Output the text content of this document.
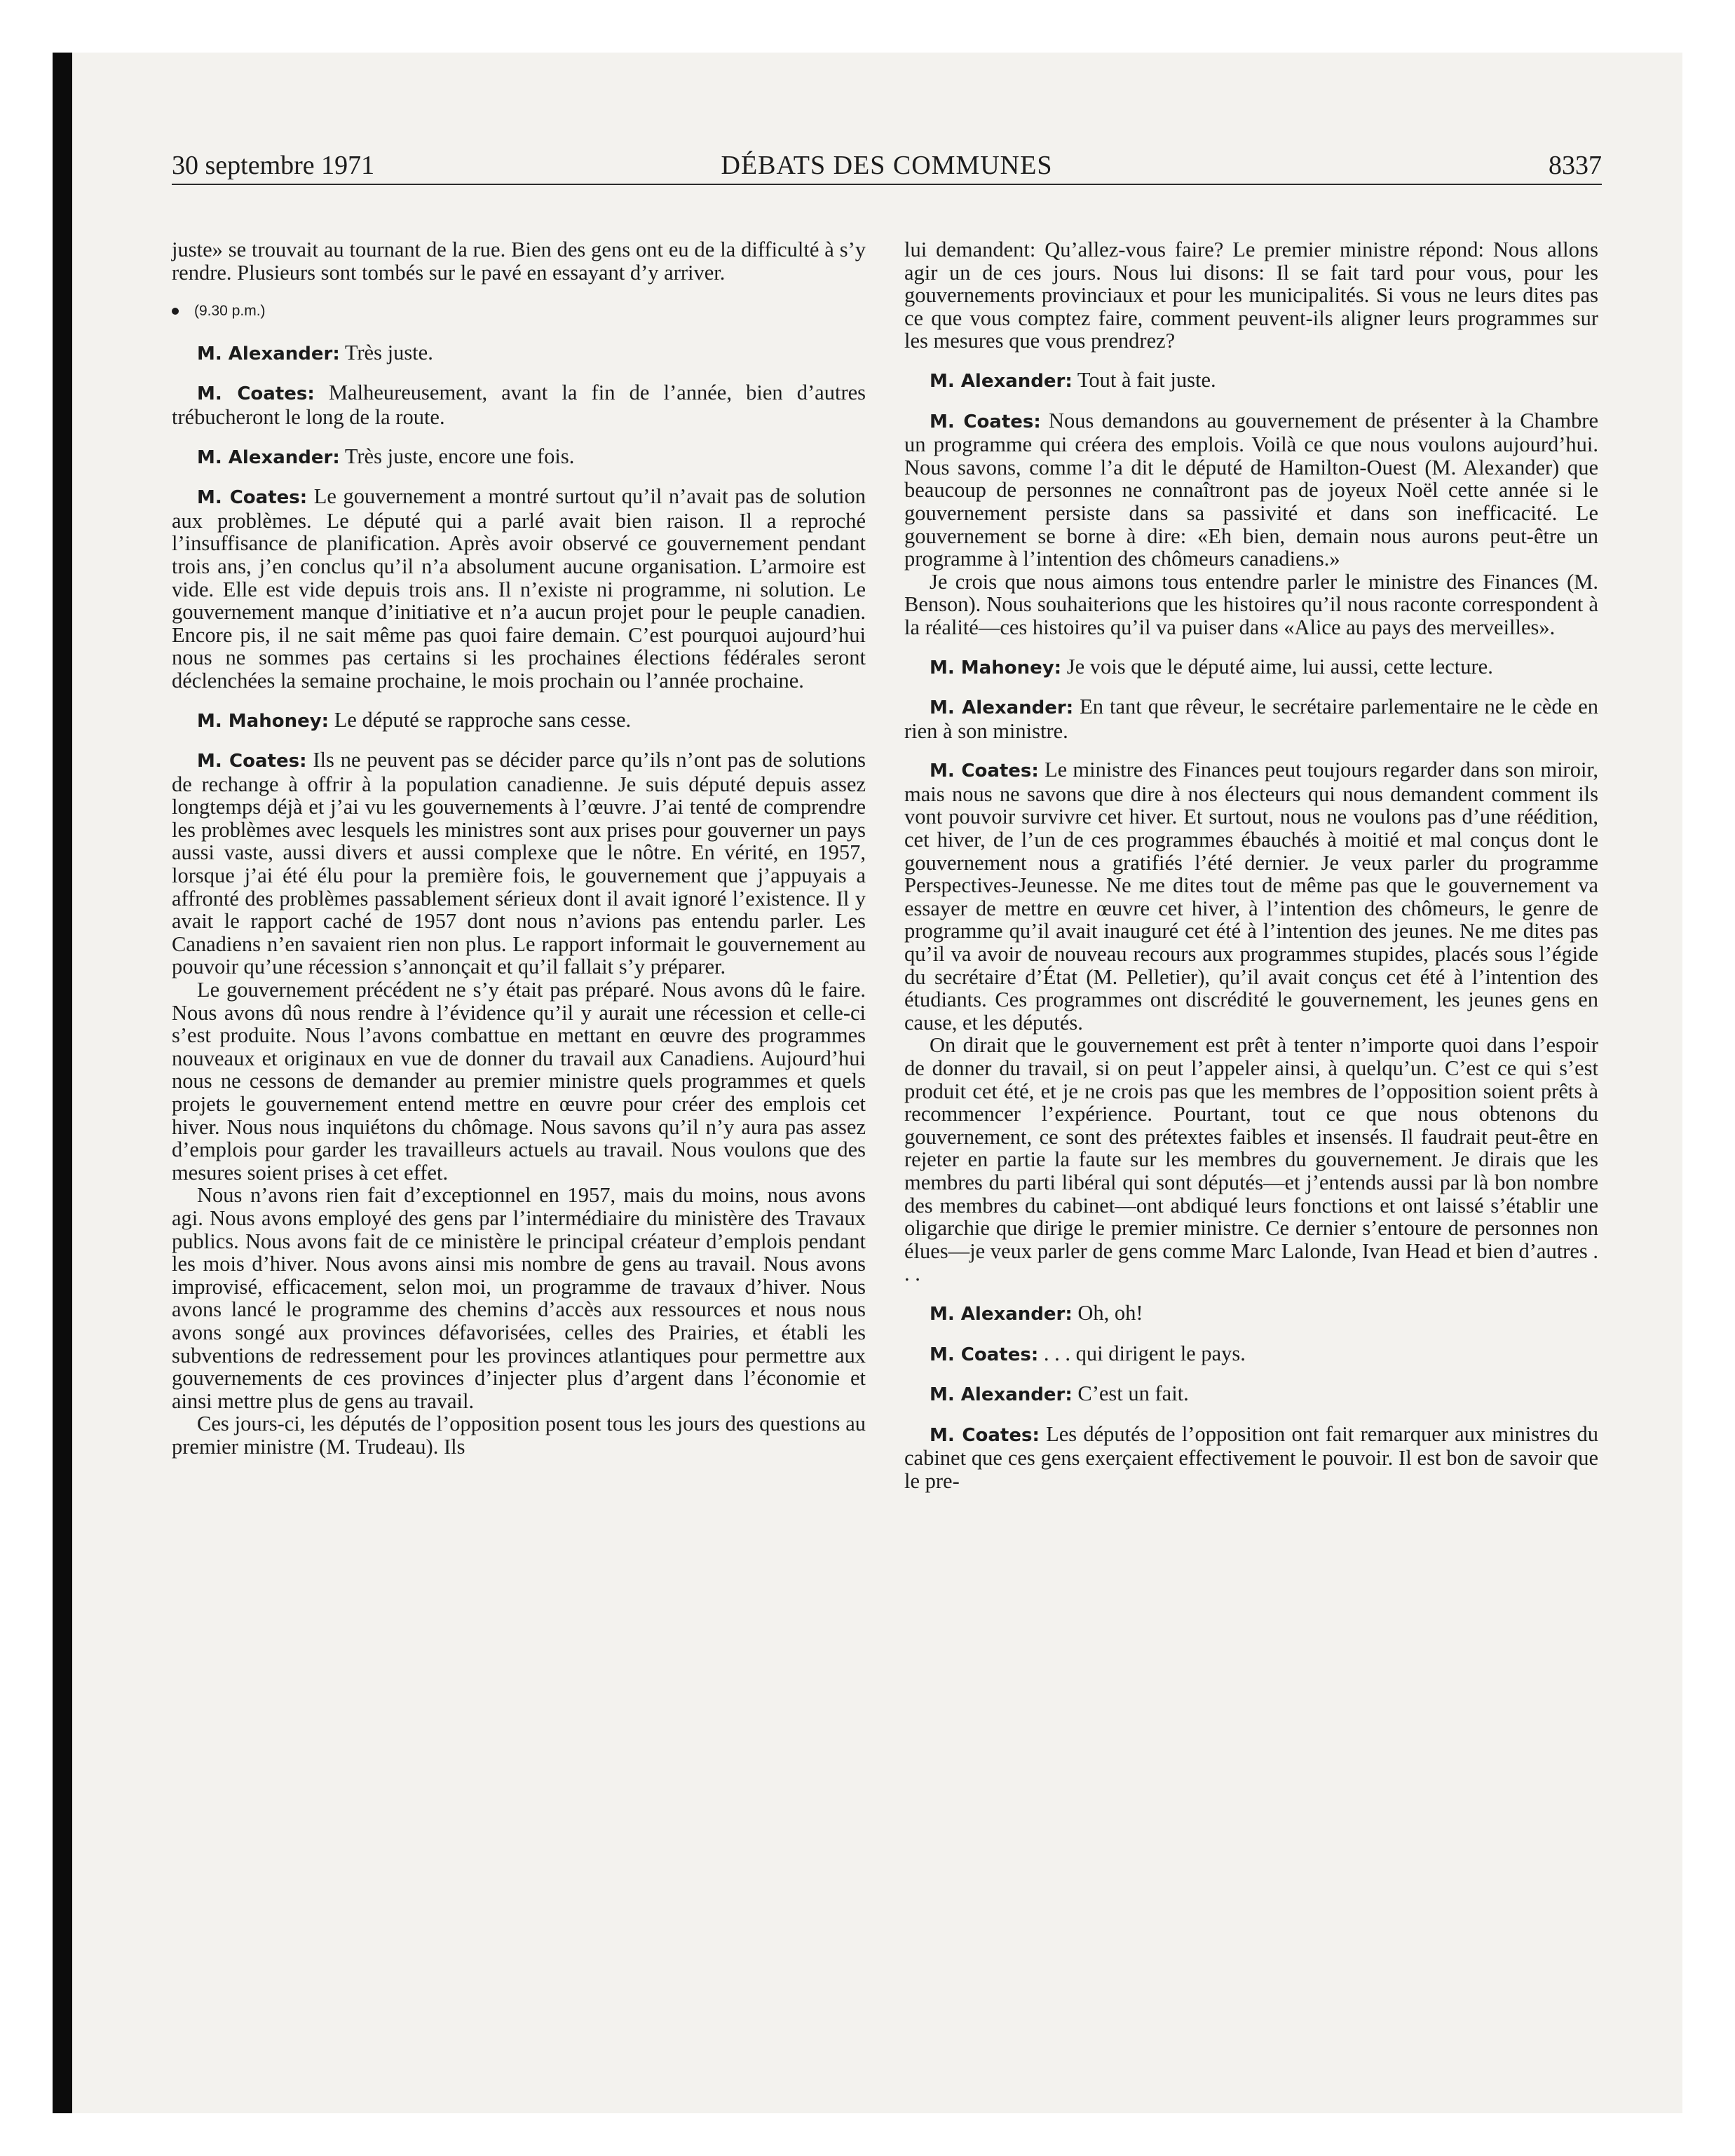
30 septembre 1971	DÉBATS DES COMMUNES	8337

juste» se trouvait au tournant de la rue. Bien des gens ont eu de la difficulté à s’y rendre. Plusieurs sont tombés sur le pavé en essayant d’y arriver.

(9.30 p.m.)

M. Alexander: Très juste.

M. Coates: Malheureusement, avant la fin de l’année, bien d’autres trébucheront le long de la route.

M. Alexander: Très juste, encore une fois.

M. Coates: Le gouvernement a montré surtout qu’il n’avait pas de solution aux problèmes. Le député qui a parlé avait bien raison. Il a reproché l’insuffisance de planification. Après avoir observé ce gouvernement pendant trois ans, j’en conclus qu’il n’a absolument aucune organisation. L’armoire est vide. Elle est vide depuis trois ans. Il n’existe ni programme, ni solution. Le gouvernement manque d’initiative et n’a aucun projet pour le peuple canadien. Encore pis, il ne sait même pas quoi faire demain. C’est pourquoi aujourd’hui nous ne sommes pas certains si les prochaines élections fédérales seront déclenchées la semaine prochaine, le mois prochain ou l’année prochaine.

M. Mahoney: Le député se rapproche sans cesse.

M. Coates: Ils ne peuvent pas se décider parce qu’ils n’ont pas de solutions de rechange à offrir à la population canadienne. Je suis député depuis assez longtemps déjà et j’ai vu les gouvernements à l’œuvre. J’ai tenté de comprendre les problèmes avec lesquels les ministres sont aux prises pour gouverner un pays aussi vaste, aussi divers et aussi complexe que le nôtre. En vérité, en 1957, lorsque j’ai été élu pour la première fois, le gouvernement que j’appuyais a affronté des problèmes passablement sérieux dont il avait ignoré l’existence. Il y avait le rapport caché de 1957 dont nous n’avions pas entendu parler. Les Canadiens n’en savaient rien non plus. Le rapport informait le gouvernement au pouvoir qu’une récession s’annonçait et qu’il fallait s’y préparer.

Le gouvernement précédent ne s’y était pas préparé. Nous avons dû le faire. Nous avons dû nous rendre à l’évidence qu’il y aurait une récession et celle-ci s’est produite. Nous l’avons combattue en mettant en œuvre des programmes nouveaux et originaux en vue de donner du travail aux Canadiens. Aujourd’hui nous ne cessons de demander au premier ministre quels programmes et quels projets le gouvernement entend mettre en œuvre pour créer des emplois cet hiver. Nous nous inquiétons du chômage. Nous savons qu’il n’y aura pas assez d’emplois pour garder les travailleurs actuels au travail. Nous voulons que des mesures soient prises à cet effet.

Nous n’avons rien fait d’exceptionnel en 1957, mais du moins, nous avons agi. Nous avons employé des gens par l’intermédiaire du ministère des Travaux publics. Nous avons fait de ce ministère le principal créateur d’emplois pendant les mois d’hiver. Nous avons ainsi mis nombre de gens au travail. Nous avons improvisé, efficacement, selon moi, un programme de travaux d’hiver. Nous avons lancé le programme des chemins d’accès aux ressources et nous nous avons songé aux provinces défavorisées, celles des Prairies, et établi les subventions de redressement pour les provinces atlantiques pour permettre aux gouvernements de ces provinces d’injecter plus d’argent dans l’économie et ainsi mettre plus de gens au travail.

Ces jours-ci, les députés de l’opposition posent tous les jours des questions au premier ministre (M. Trudeau). Ils

lui demandent: Qu’allez-vous faire? Le premier ministre répond: Nous allons agir un de ces jours. Nous lui disons: Il se fait tard pour vous, pour les gouvernements provinciaux et pour les municipalités. Si vous ne leurs dites pas ce que vous comptez faire, comment peuvent-ils aligner leurs programmes sur les mesures que vous prendrez?

M. Alexander: Tout à fait juste.

M. Coates: Nous demandons au gouvernement de présenter à la Chambre un programme qui créera des emplois. Voilà ce que nous voulons aujourd’hui. Nous savons, comme l’a dit le député de Hamilton-Ouest (M. Alexander) que beaucoup de personnes ne connaîtront pas de joyeux Noël cette année si le gouvernement persiste dans sa passivité et dans son inefficacité. Le gouvernement se borne à dire: «Eh bien, demain nous aurons peut-être un programme à l’intention des chômeurs canadiens.»

Je crois que nous aimons tous entendre parler le ministre des Finances (M. Benson). Nous souhaiterions que les histoires qu’il nous raconte correspondent à la réalité—ces histoires qu’il va puiser dans «Alice au pays des merveilles».

M. Mahoney: Je vois que le député aime, lui aussi, cette lecture.

M. Alexander: En tant que rêveur, le secrétaire parlementaire ne le cède en rien à son ministre.

M. Coates: Le ministre des Finances peut toujours regarder dans son miroir, mais nous ne savons que dire à nos électeurs qui nous demandent comment ils vont pouvoir survivre cet hiver. Et surtout, nous ne voulons pas d’une réédition, cet hiver, de l’un de ces programmes ébauchés à moitié et mal conçus dont le gouvernement nous a gratifiés l’été dernier. Je veux parler du programme Perspectives-Jeunesse. Ne me dites tout de même pas que le gouvernement va essayer de mettre en œuvre cet hiver, à l’intention des chômeurs, le genre de programme qu’il avait inauguré cet été à l’intention des jeunes. Ne me dites pas qu’il va avoir de nouveau recours aux programmes stupides, placés sous l’égide du secrétaire d’État (M. Pelletier), qu’il avait conçus cet été à l’intention des étudiants. Ces programmes ont discrédité le gouvernement, les jeunes gens en cause, et les députés.

On dirait que le gouvernement est prêt à tenter n’importe quoi dans l’espoir de donner du travail, si on peut l’appeler ainsi, à quelqu’un. C’est ce qui s’est produit cet été, et je ne crois pas que les membres de l’opposition soient prêts à recommencer l’expérience. Pourtant, tout ce que nous obtenons du gouvernement, ce sont des prétextes faibles et insensés. Il faudrait peut-être en rejeter en partie la faute sur les membres du gouvernement. Je dirais que les membres du parti libéral qui sont députés—et j’entends aussi par là bon nombre des membres du cabinet—ont abdiqué leurs fonctions et ont laissé s’établir une oligarchie que dirige le premier ministre. Ce dernier s’entoure de personnes non élues—je veux parler de gens comme Marc Lalonde, Ivan Head et bien d’autres . . .

M. Alexander: Oh, oh!

M. Coates: . . . qui dirigent le pays.

M. Alexander: C’est un fait.

M. Coates: Les députés de l’opposition ont fait remarquer aux ministres du cabinet que ces gens exerçaient effectivement le pouvoir. Il est bon de savoir que le pre-
